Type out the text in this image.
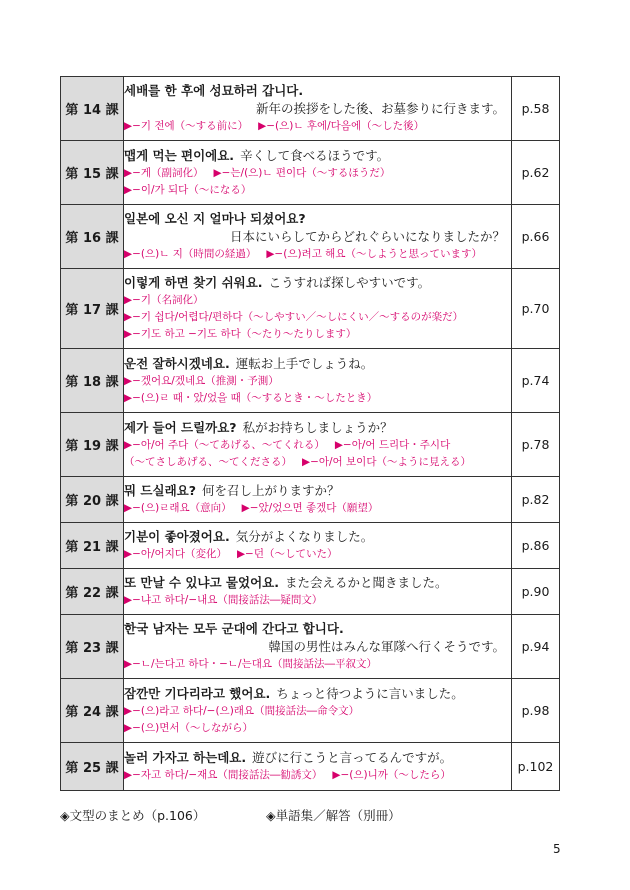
第 14 課	세배를 한 후에 성묘하러 갑니다.
新年の挨拶をした後、お墓参りに行きます。
▶−기 전에（〜する前に） ▶−(으)ㄴ 후에/다음에（〜した後）	p.58
第 15 課	맵게 먹는 편이에요. 辛くして食べるほうです。
▶−게（副詞化） ▶−는/(으)ㄴ 편이다（〜するほうだ）
▶−이/가 되다（〜になる）	p.62
第 16 課	일본에 오신 지 얼마나 되셨어요?
日本にいらしてからどれぐらいになりましたか？
▶−(으)ㄴ 지（時間の経過） ▶−(으)려고 해요（〜しようと思っています）	p.66
第 17 課	이렇게 하면 찾기 쉬워요. こうすれば探しやすいです。
▶−기（名詞化）
▶−기 쉽다/어렵다/편하다（〜しやすい／〜しにくい／〜するのが楽だ）
▶−기도 하고 −기도 하다（〜たり〜たりします）	p.70
第 18 課	운전 잘하시겠네요. 運転お上手でしょうね。
▶−겠어요/겠네요（推測・予測）
▶−(으)ㄹ 때・았/었을 때（〜するとき・〜したとき）	p.74
第 19 課	제가 들어 드릴까요? 私がお持ちしましょうか？
▶−아/어 주다（〜てあげる、〜てくれる） ▶−아/어 드리다・주시다
（〜てさしあげる、〜てくださる） ▶−아/어 보이다（〜ように見える）	p.78
第 20 課	뭐 드실래요? 何を召し上がりますか？
▶−(으)ㄹ래요（意向） ▶−았/었으면 좋겠다（願望）	p.82
第 21 課	기분이 좋아졌어요. 気分がよくなりました。
▶−아/어지다（変化） ▶−던（〜していた）	p.86
第 22 課	또 만날 수 있냐고 물었어요. また会えるかと聞きました。
▶−냐고 하다/−내요（間接話法―疑問文）	p.90
第 23 課	한국 남자는 모두 군대에 간다고 합니다.
韓国の男性はみんな軍隊へ行くそうです。
▶−ㄴ/는다고 하다・−ㄴ/는대요（間接話法―平叙文）	p.94
第 24 課	잠깐만 기다리라고 했어요. ちょっと待つように言いました。
▶−(으)라고 하다/−(으)래요（間接話法―命令文）
▶−(으)면서（〜しながら）	p.98
第 25 課	놀러 가자고 하는데요. 遊びに行こうと言ってるんですが。
▶−자고 하다/−재요（間接話法―勧誘文） ▶−(으)니까（〜したら）	p.102
◈文型のまとめ（p.106）	◈単語集／解答（別冊）
5
